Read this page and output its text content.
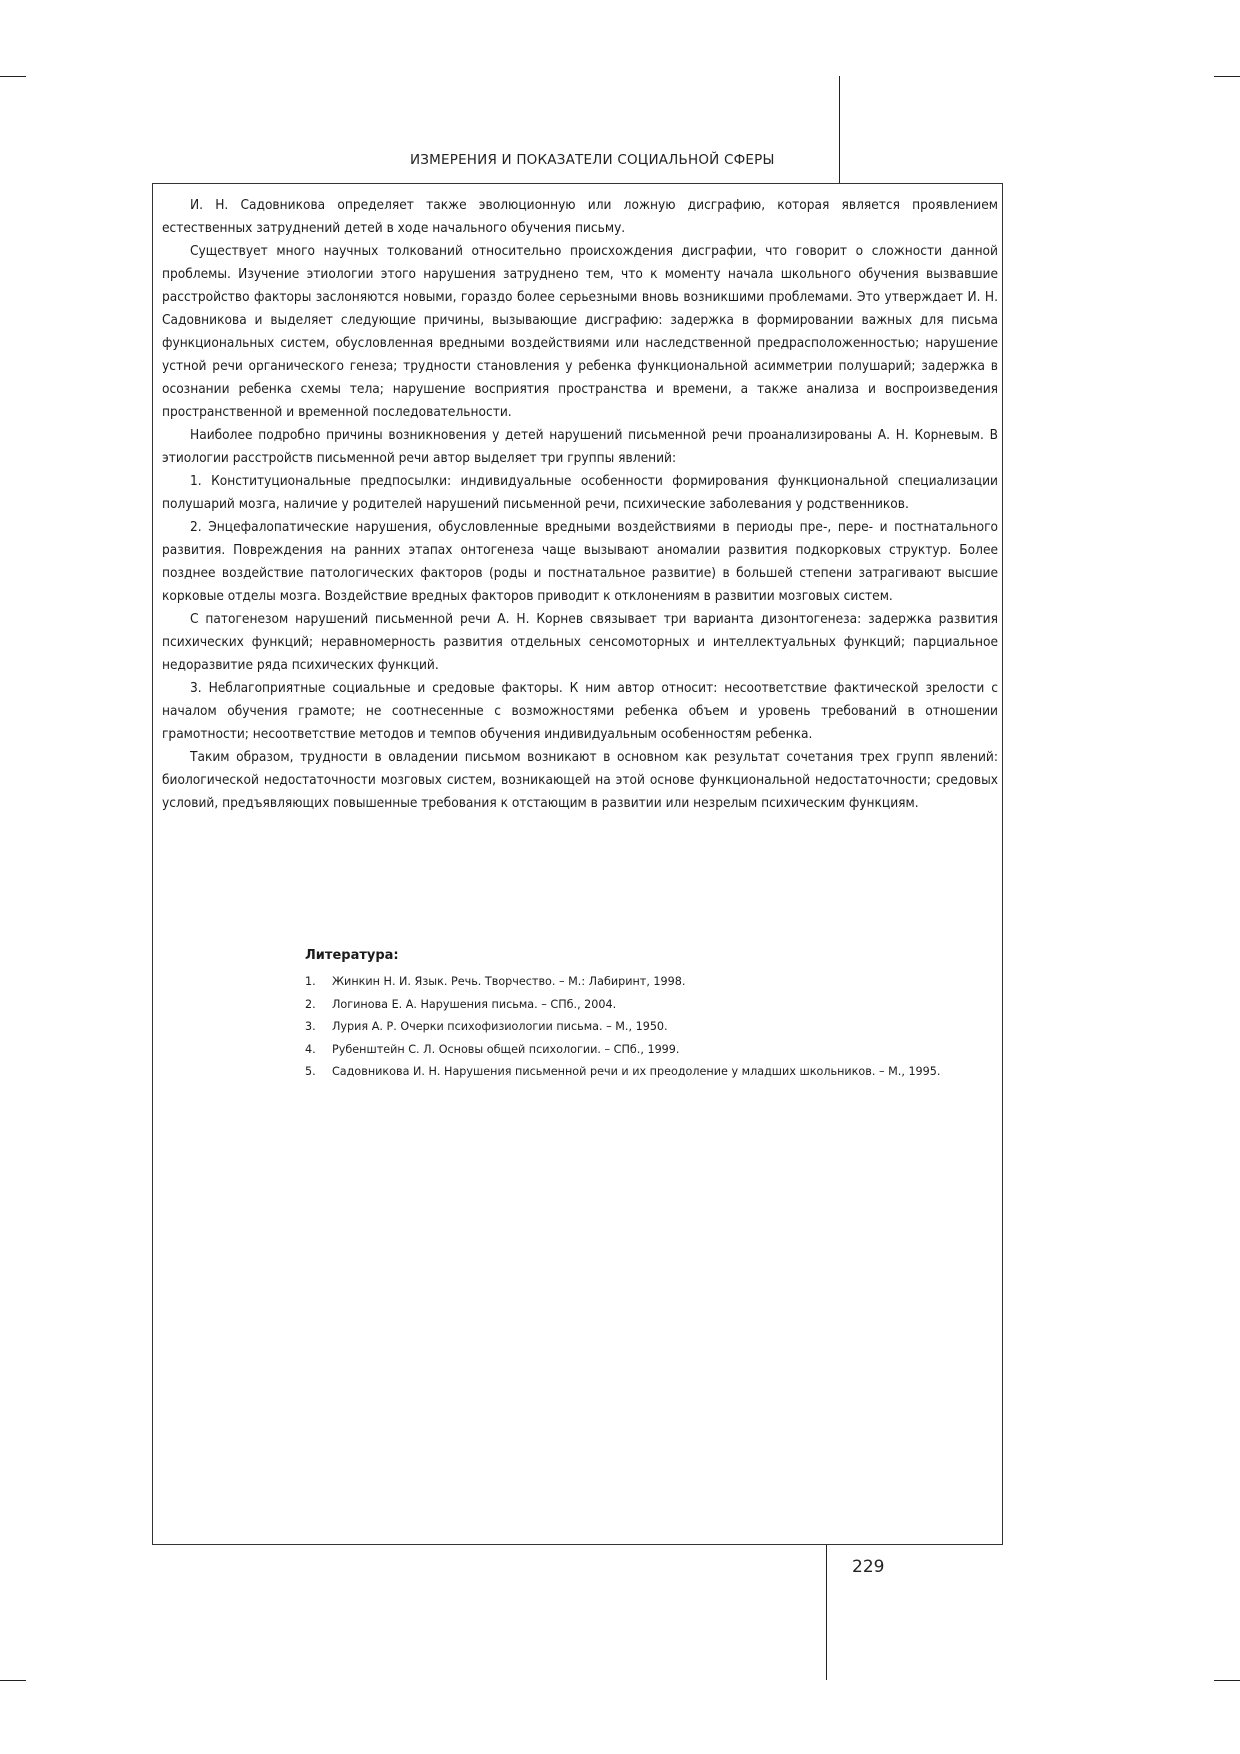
ИЗМЕРЕНИЯ И ПОКАЗАТЕЛИ СОЦИАЛЬНОЙ СФЕРЫ

И. Н. Садовникова определяет также эволюционную или ложную дисграфию, которая является проявлением естественных затруднений детей в ходе начального обучения письму.

Существует много научных толкований относительно происхождения дисграфии, что говорит о сложности данной проблемы. Изучение этиологии этого нарушения затруднено тем, что к моменту начала школьного обучения вызвавшие расстройство факторы заслоняются новыми, гораздо более серьезными вновь возникшими проблемами. Это утверждает И. Н. Садовникова и выделяет следующие причины, вызывающие дисграфию: задержка в формировании важных для письма функциональных систем, обусловленная вредными воздействиями или наследственной предрасположенностью; нарушение устной речи органического генеза; трудности становления у ребенка функциональной асимметрии полушарий; задержка в осознании ребенка схемы тела; нарушение восприятия пространства и времени, а также анализа и воспроизведения пространственной и временной последовательности.

Наиболее подробно причины возникновения у детей нарушений письменной речи проанализированы А. Н. Корневым. В этиологии расстройств письменной речи автор выделяет три группы явлений:

1. Конституциональные предпосылки: индивидуальные особенности формирования функциональной специализации полушарий мозга, наличие у родителей нарушений письменной речи, психические заболевания у родственников.

2. Энцефалопатические нарушения, обусловленные вредными воздействиями в периоды пре-, пере- и постнатального развития. Повреждения на ранних этапах онтогенеза чаще вызывают аномалии развития подкорковых структур. Более позднее воздействие патологических факторов (роды и постнатальное развитие) в большей степени затрагивают высшие корковые отделы мозга. Воздействие вредных факторов приводит к отклонениям в развитии мозговых систем.

С патогенезом нарушений письменной речи А. Н. Корнев связывает три варианта дизонтогенеза: задержка развития психических функций; неравномерность развития отдельных сенсомоторных и интеллектуальных функций; парциальное недоразвитие ряда психических функций.

3. Неблагоприятные социальные и средовые факторы. К ним автор относит: несоответствие фактической зрелости с началом обучения грамоте; не соотнесенные с возможностями ребенка объем и уровень требований в отношении грамотности; несоответствие методов и темпов обучения индивидуальным особенностям ребенка.

Таким образом, трудности в овладении письмом возникают в основном как результат сочетания трех групп явлений: биологической недостаточности мозговых систем, возникающей на этой основе функциональной недостаточности; средовых условий, предъявляющих повышенные требования к отстающим в развитии или незрелым психическим функциям.

Литература:
1.	Жинкин Н. И. Язык. Речь. Творчество. – М.: Лабиринт, 1998.
2.	Логинова Е. А. Нарушения письма. – СПб., 2004.
3.	Лурия А. Р. Очерки психофизиологии письма. – М., 1950.
4.	Рубенштейн С. Л. Основы общей психологии. – СПб., 1999.
5.	Садовникова И. Н. Нарушения письменной речи и их преодоление у младших школьников. – М., 1995.
229
